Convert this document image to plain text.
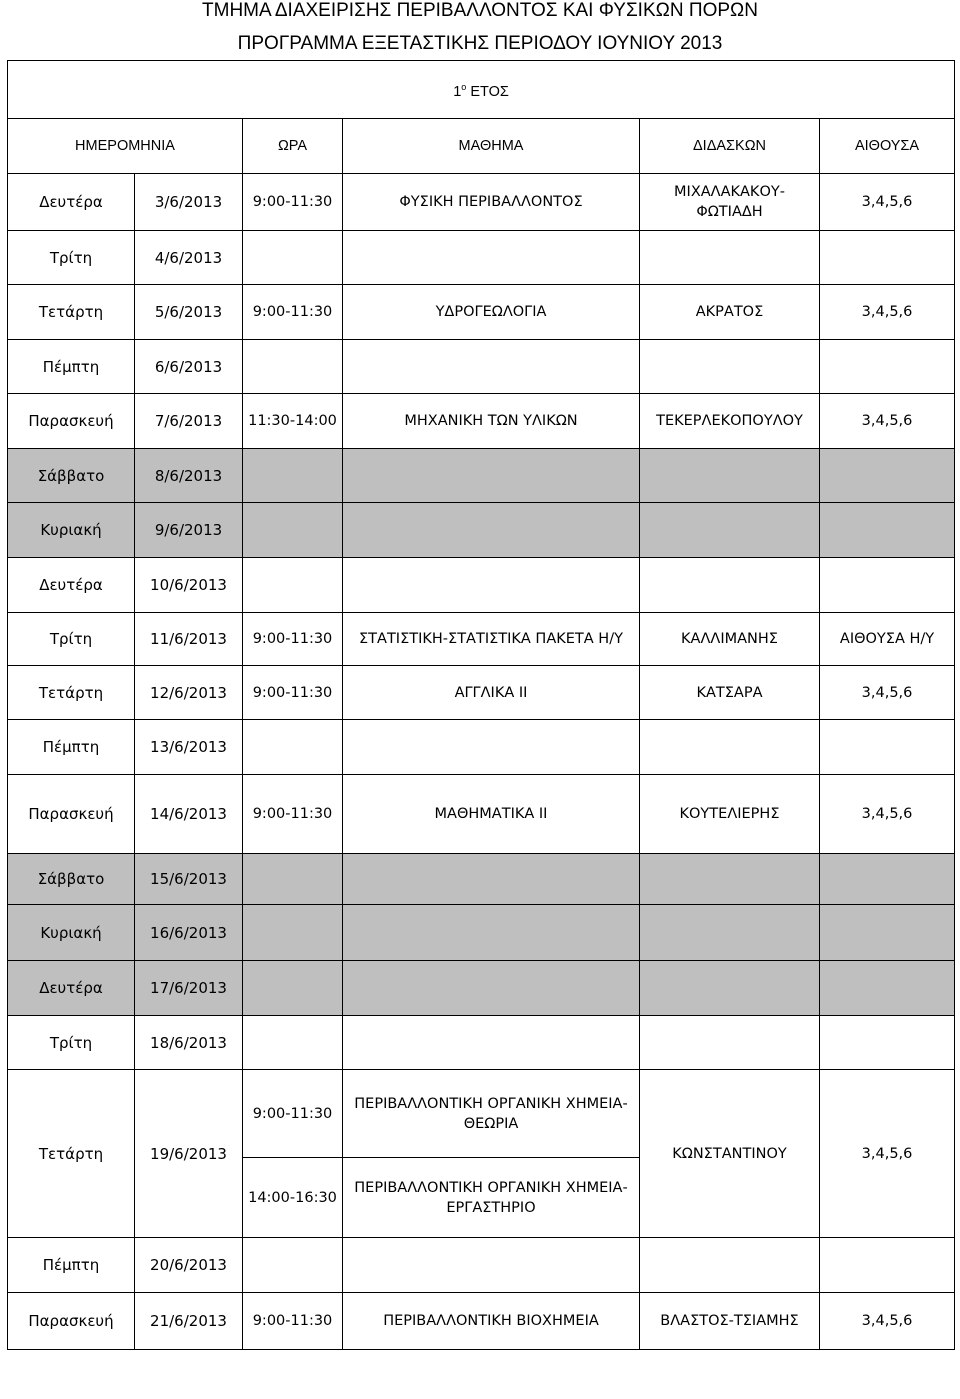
ΤΜΗΜΑ ΔΙΑΧΕΙΡΙΣΗΣ ΠΕΡΙΒΑΛΛΟΝΤΟΣ ΚΑΙ ΦΥΣΙΚΩΝ ΠΟΡΩΝ
ΠΡΟΓΡΑΜΜΑ ΕΞΕΤΑΣΤΙΚΗΣ ΠΕΡΙΟΔΟΥ ΙΟΥΝΙΟΥ 2013
$1^o$ ΕΤΟΣ					
ΗΜΕΡΟΜΗΝΙΑ		ΩΡΑ	ΜΑΘΗΜΑ	ΔΙΔΑΣΚΩΝ	ΑΙΘΟΥΣΑ
Δευτέρα	3/6/2013	9:00-11:30	ΦΥΣΙΚΗ ΠΕΡΙΒΑΛΛΟΝΤΟΣ	ΜΙΧΑΛΑΚΑΚΟΥ-ΦΩΤΙΑΔΗ	3,4,5,6
Τρίτη	4/6/2013				
Τετάρτη	5/6/2013	9:00-11:30	ΥΔΡΟΓΕΩΛΟΓΙΑ	ΑΚΡΑΤΟΣ	3,4,5,6
Πέμπτη	6/6/2013				
Παρασκευή	7/6/2013	11:30-14:00	ΜΗΧΑΝΙΚΗ ΤΩΝ ΥΛΙΚΩΝ	ΤΕΚΕΡΛΕΚΟΠΟΥΛΟΥ	3,4,5,6
Σάββατο	8/6/2013				
Κυριακή	9/6/2013				
Δευτέρα	10/6/2013				
Τρίτη	11/6/2013	9:00-11:30	ΣΤΑΤΙΣΤΙΚΗ-ΣΤΑΤΙΣΤΙΚΑ ΠΑΚΕΤΑ Η/Υ	ΚΑΛΛΙΜΑΝΗΣ	ΑΙΘΟΥΣΑ Η/Υ
Τετάρτη	12/6/2013	9:00-11:30	ΑΓΓΛΙΚΑ ΙΙ	ΚΑΤΣΑΡΑ	3,4,5,6
Πέμπτη	13/6/2013				
Παρασκευή	14/6/2013	9:00-11:30	ΜΑΘΗΜΑΤΙΚΑ ΙΙ	ΚΟΥΤΕΛΙΕΡΗΣ	3,4,5,6
Σάββατο	15/6/2013				
Κυριακή	16/6/2013				
Δευτέρα	17/6/2013				
Τρίτη	18/6/2013				
Τετάρτη	19/6/2013	9:00-11:30	ΠΕΡΙΒΑΛΛΟΝΤΙΚΗ ΟΡΓΑΝΙΚΗ ΧΗΜΕΙΑ-ΘΕΩΡΙΑ	ΚΩΝΣΤΑΝΤΙΝΟΥ	3,4,5,6
		14:00-16:30	ΠΕΡΙΒΑΛΛΟΝΤΙΚΗ ΟΡΓΑΝΙΚΗ ΧΗΜΕΙΑ-ΕΡΓΑΣΤΗΡΙΟ		
Πέμπτη	20/6/2013				
Παρασκευή	21/6/2013	9:00-11:30	ΠΕΡΙΒΑΛΛΟΝΤΙΚΗ ΒΙΟΧΗΜΕΙΑ	ΒΛΑΣΤΟΣ-ΤΣΙΑΜΗΣ	3,4,5,6
